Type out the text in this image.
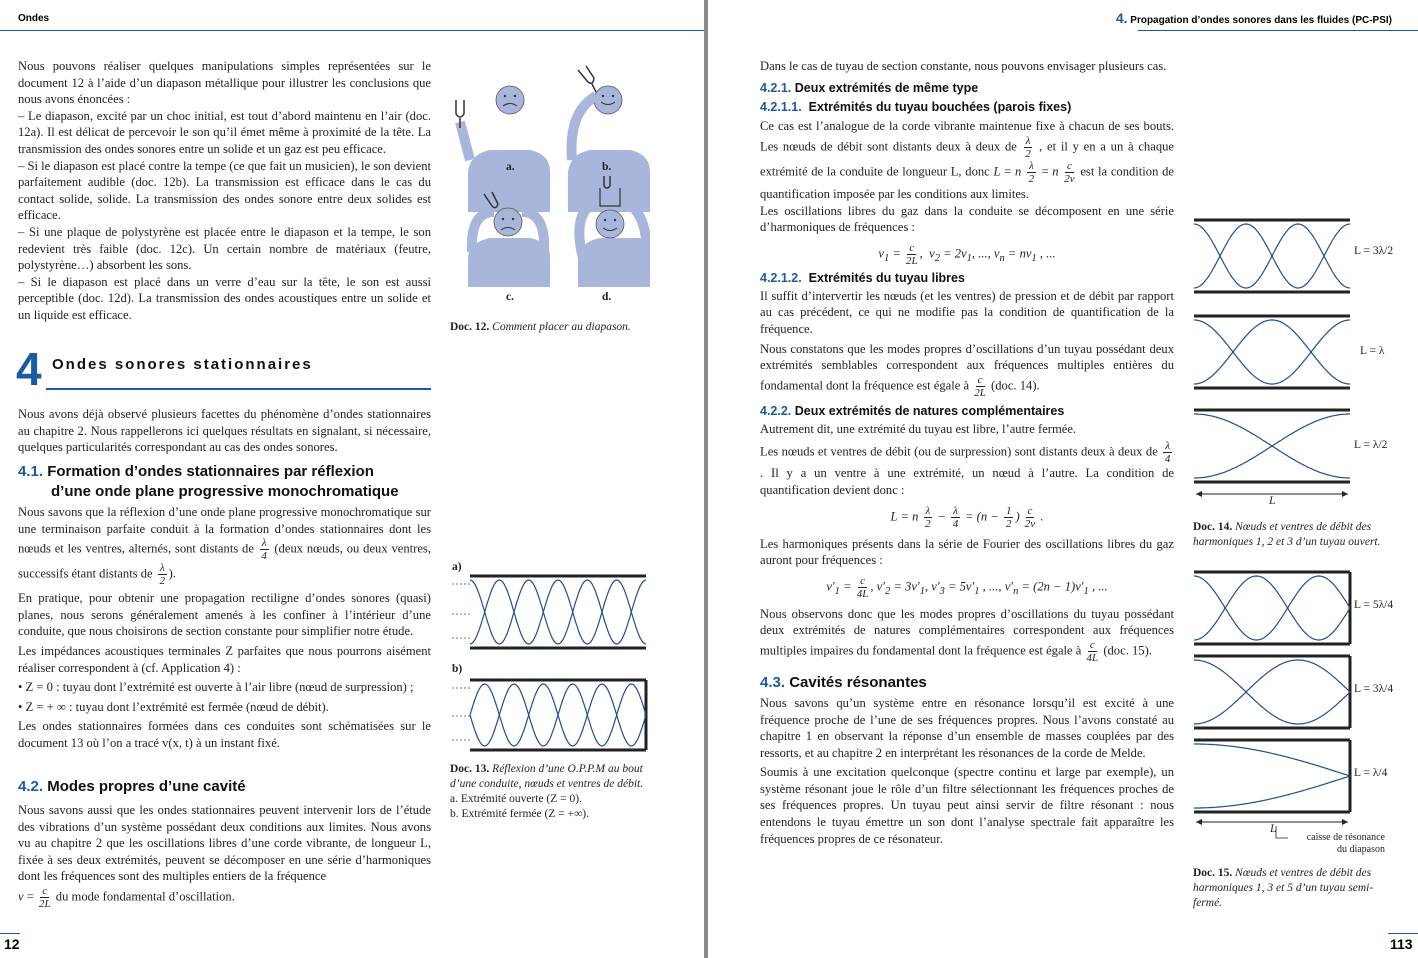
Ondes

Nous pouvons réaliser quelques manipulations simples représentées sur le document 12 à l’aide d’un diapason métallique pour illustrer les conclusions que nous avons énoncées :

– Le diapason, excité par un choc initial, est tout d’abord maintenu en l’air (doc. 12a). Il est délicat de percevoir le son qu’il émet même à proximité de la tête. La transmission des ondes sonores entre un solide et un gaz est peu efficace.

– Si le diapason est placé contre la tempe (ce que fait un musicien), le son devient parfaitement audible (doc. 12b). La transmission est efficace dans le cas du contact solide, solide. La transmission des ondes sonore entre deux solides est efficace.

– Si une plaque de polystyrène est placée entre le diapason et la tempe, le son redevient très faible (doc. 12c). Un certain nombre de matériaux (feutre, polystyrène…) absorbent les sons.

– Si le diapason est placé dans un verre d’eau sur la tête, le son est aussi perceptible (doc. 12d). La transmission des ondes acoustiques entre un solide et un liquide est efficace.

a.	b.
c.	d.
Doc. 12. Comment placer au diapason.
4 Ondes sonores stationnaires

Nous avons déjà observé plusieurs facettes du phénomène d’ondes stationnaires au chapitre 2. Nous rappellerons ici quelques résultats en signalant, si nécessaire, quelques particularités correspondant au cas des ondes sonores.

4.1. Formation d’ondes stationnaires par réflexion
d’une onde plane progressive monochromatique

Nous savons que la réflexion d’une onde plane progressive monochromatique sur une terminaison parfaite conduit à la formation d’ondes stationnaires dont les nœuds et les ventres, alternés, sont distants de $\frac{\lambda}{4}$ (deux nœuds, ou deux ventres, successifs étant distants de $\frac{\lambda}{2}$ ).

En pratique, pour obtenir une propagation rectiligne d’ondes sonores (quasi) planes, nous serons généralement amenés à les confiner à l’intérieur d’une conduite, que nous choisirons de section constante pour simplifier notre étude.

Les impédances acoustiques terminales Z parfaites que nous pourrons aisément réaliser correspondent à (cf. Application 4) :

• Z = 0 : tuyau dont l’extrémité est ouverte à l’air libre (nœud de surpression) ;

• Z = + ∞ : tuyau dont l’extrémité est fermée (nœud de débit).

Les ondes stationnaires formées dans ces conduites sont schématisées sur le document 13 où l’on a tracé v(x, t) à un instant fixé.

4.2. Modes propres d’une cavité

Nous savons aussi que les ondes stationnaires peuvent intervenir lors de l’étude des vibrations d’un système possédant deux conditions aux limites. Nous avons vu au chapitre 2 que les oscillations libres d’une corde vibrante, de longueur L, fixée à ses deux extrémités, peuvent se décomposer en une série d’harmoniques dont les fréquences sont des multiples entiers de la fréquence

$\nu = \frac{c}{2L}$ du mode fondamental d’oscillation.

a)
b)
Doc. 13. Réflexion d’une O.P.P.M au bout d’une conduite, nœuds et ventres de débit.
a. Extrémité ouverte (Z = 0).
b. Extrémité fermée (Z = +∞).
12
4. Propagation d’ondes sonores dans les fluides (PC-PSI)

Dans le cas de tuyau de section constante, nous pouvons envisager plusieurs cas.

4.2.1. Deux extrémités de même type
4.2.1.1. Extrémités du tuyau bouchées (parois fixes)

Ce cas est l’analogue de la corde vibrante maintenue fixe à chacun de ses bouts. Les nœuds de débit sont distants deux à deux de $\frac{\lambda}{2}$ , et il y en a un à chaque extrémité de la conduite de longueur L, donc L = n $\frac{\lambda}{2} = n \frac{c}{2\nu}$ est la condition de quantification imposée par les conditions aux limites.

Les oscillations libres du gaz dans la conduite se décomposent en une série d’harmoniques de fréquences :

$\nu_1 = \frac{c}{2L}$ ,  $\nu_2 = 2\nu_1$, ..., $\nu_n = n\nu_1$ , ...
4.2.1.2. Extrémités du tuyau libres

Il suffit d’intervertir les nœuds (et les ventres) de pression et de débit par rapport au cas précédent, ce qui ne modifie pas la condition de quantification de la fréquence.

Nous constatons que les modes propres d’oscillations d’un tuyau possédant deux extrémités semblables correspondent aux fréquences multiples entières du fondamental dont la fréquence est égale à $\frac{c}{2L} (doc$. 14).

4.2.2. Deux extrémités de natures complémentaires

Autrement dit, une extrémité du tuyau est libre, l’autre fermée.

Les nœuds et ventres de débit (ou de surpression) sont distants deux à deux de $\frac{\lambda}{4}$
. Il y a un ventre à une extrémité, un nœud à l’autre. La condition de quantification devient donc :

L = n $\frac{\lambda}{2} - \frac{\lambda}{4} = (n - \frac{1}{2}$ ) $\frac{c}{2\nu}$ .

Les harmoniques présents dans la série de Fourier des oscillations libres du gaz auront pour fréquences :

$\nu'_1 = \frac{c}{4L}$ , $\nu'_2 = 3\nu'_1$, $\nu'_3 = 5\nu'_1$ , ..., $\nu'_n = (2n - 1)\nu'_1$ , ...

Nous observons donc que les modes propres d’oscillations du tuyau possédant deux extrémités de natures complémentaires correspondent aux fréquences multiples impaires du fondamental dont la fréquence est égale à $\frac{c}{4L} (doc$. 15).

4.3. Cavités résonantes

Nous savons qu’un système entre en résonance lorsqu’il est excité à une fréquence proche de l’une de ses fréquences propres. Nous l’avons constaté au chapitre 1 en observant la réponse d’un ensemble de masses couplées par des ressorts, et au chapitre 2 en interprétant les résonances de la corde de Melde.

Soumis à une excitation quelconque (spectre continu et large par exemple), un système résonant joue le rôle d’un filtre sélectionnant les fréquences proches de ses fréquences propres. Un tuyau peut ainsi servir de filtre résonant : nous entendons le tuyau émettre un son dont l’analyse spectrale fait apparaître les fréquences propres de ce résonateur.

L = 3λ/2
L = λ
L = λ/2
L
Doc. 14. Nœuds et ventres de débit des harmoniques 1, 2 et 3 d’un tuyau ouvert.
L = 5λ/4
L = 3λ/4
L = λ/4
L
caisse de résonance
du diapason
Doc. 15. Nœuds et ventres de débit des harmoniques 1, 3 et 5 d’un tuyau semi-fermé.
113
